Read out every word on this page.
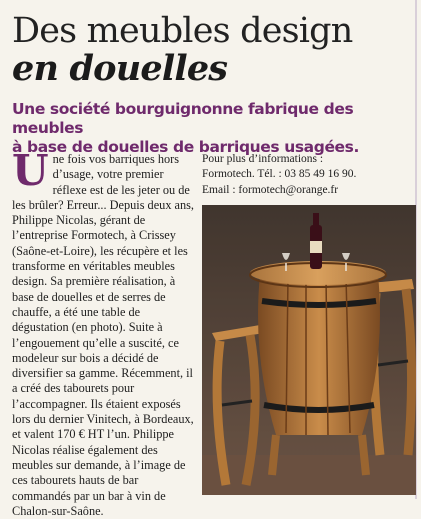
Des meubles design
en douelles
Une société bourguignonne fabrique des meubles
à base de douelles de barriques usagées.

Une fois vos barriques hors d’usage, votre premier réflexe est de les jeter ou de les brûler? Erreur... Depuis deux ans, Philippe Nicolas, gérant de l’entreprise Formotech, à Crissey (Saône-et-Loire), les récupère et les transforme en véritables meubles design. Sa première réalisation, à base de douelles et de serres de chauffe, a été une table de dégustation (en photo). Suite à l’engouement qu’elle a suscité, ce modeleur sur bois a décidé de diversifier sa gamme. Récemment, il a créé des tabourets pour l’accompagner. Ils étaient exposés lors du dernier Vinitech, à Bordeaux, et valent 170 € HT l’un. Philippe Nicolas réalise également des meubles sur demande, à l’image de ces tabourets hauts de bar commandés par un bar à vin de Chalon-sur-Saône.

Pour plus d’informations :
Formotech. Tél. : 03 85 49 16 90.
Email : formotech@orange.fr
